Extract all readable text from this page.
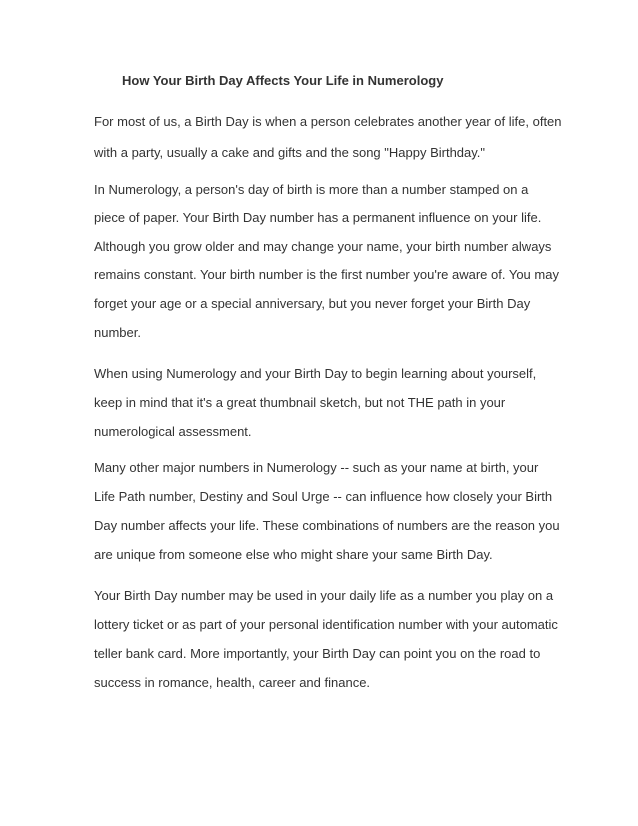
How Your Birth Day Affects Your Life in Numerology
For most of us, a Birth Day is when a person celebrates another year of life, often
with a party, usually a cake and gifts and the song "Happy Birthday."
In Numerology, a person's day of birth is more than a number stamped on a
piece of paper. Your Birth Day number has a permanent influence on your life.
Although you grow older and may change your name, your birth number always
remains constant. Your birth number is the first number you're aware of. You may
forget your age or a special anniversary, but you never forget your Birth Day
number.
When using Numerology and your Birth Day to begin learning about yourself,
keep in mind that it's a great thumbnail sketch, but not THE path in your
numerological assessment.
Many other major numbers in Numerology -- such as your name at birth, your
Life Path number, Destiny and Soul Urge -- can influence how closely your Birth
Day number affects your life. These combinations of numbers are the reason you
are unique from someone else who might share your same Birth Day.
Your Birth Day number may be used in your daily life as a number you play on a
lottery ticket or as part of your personal identification number with your automatic
teller bank card. More importantly, your Birth Day can point you on the road to
success in romance, health, career and finance.
